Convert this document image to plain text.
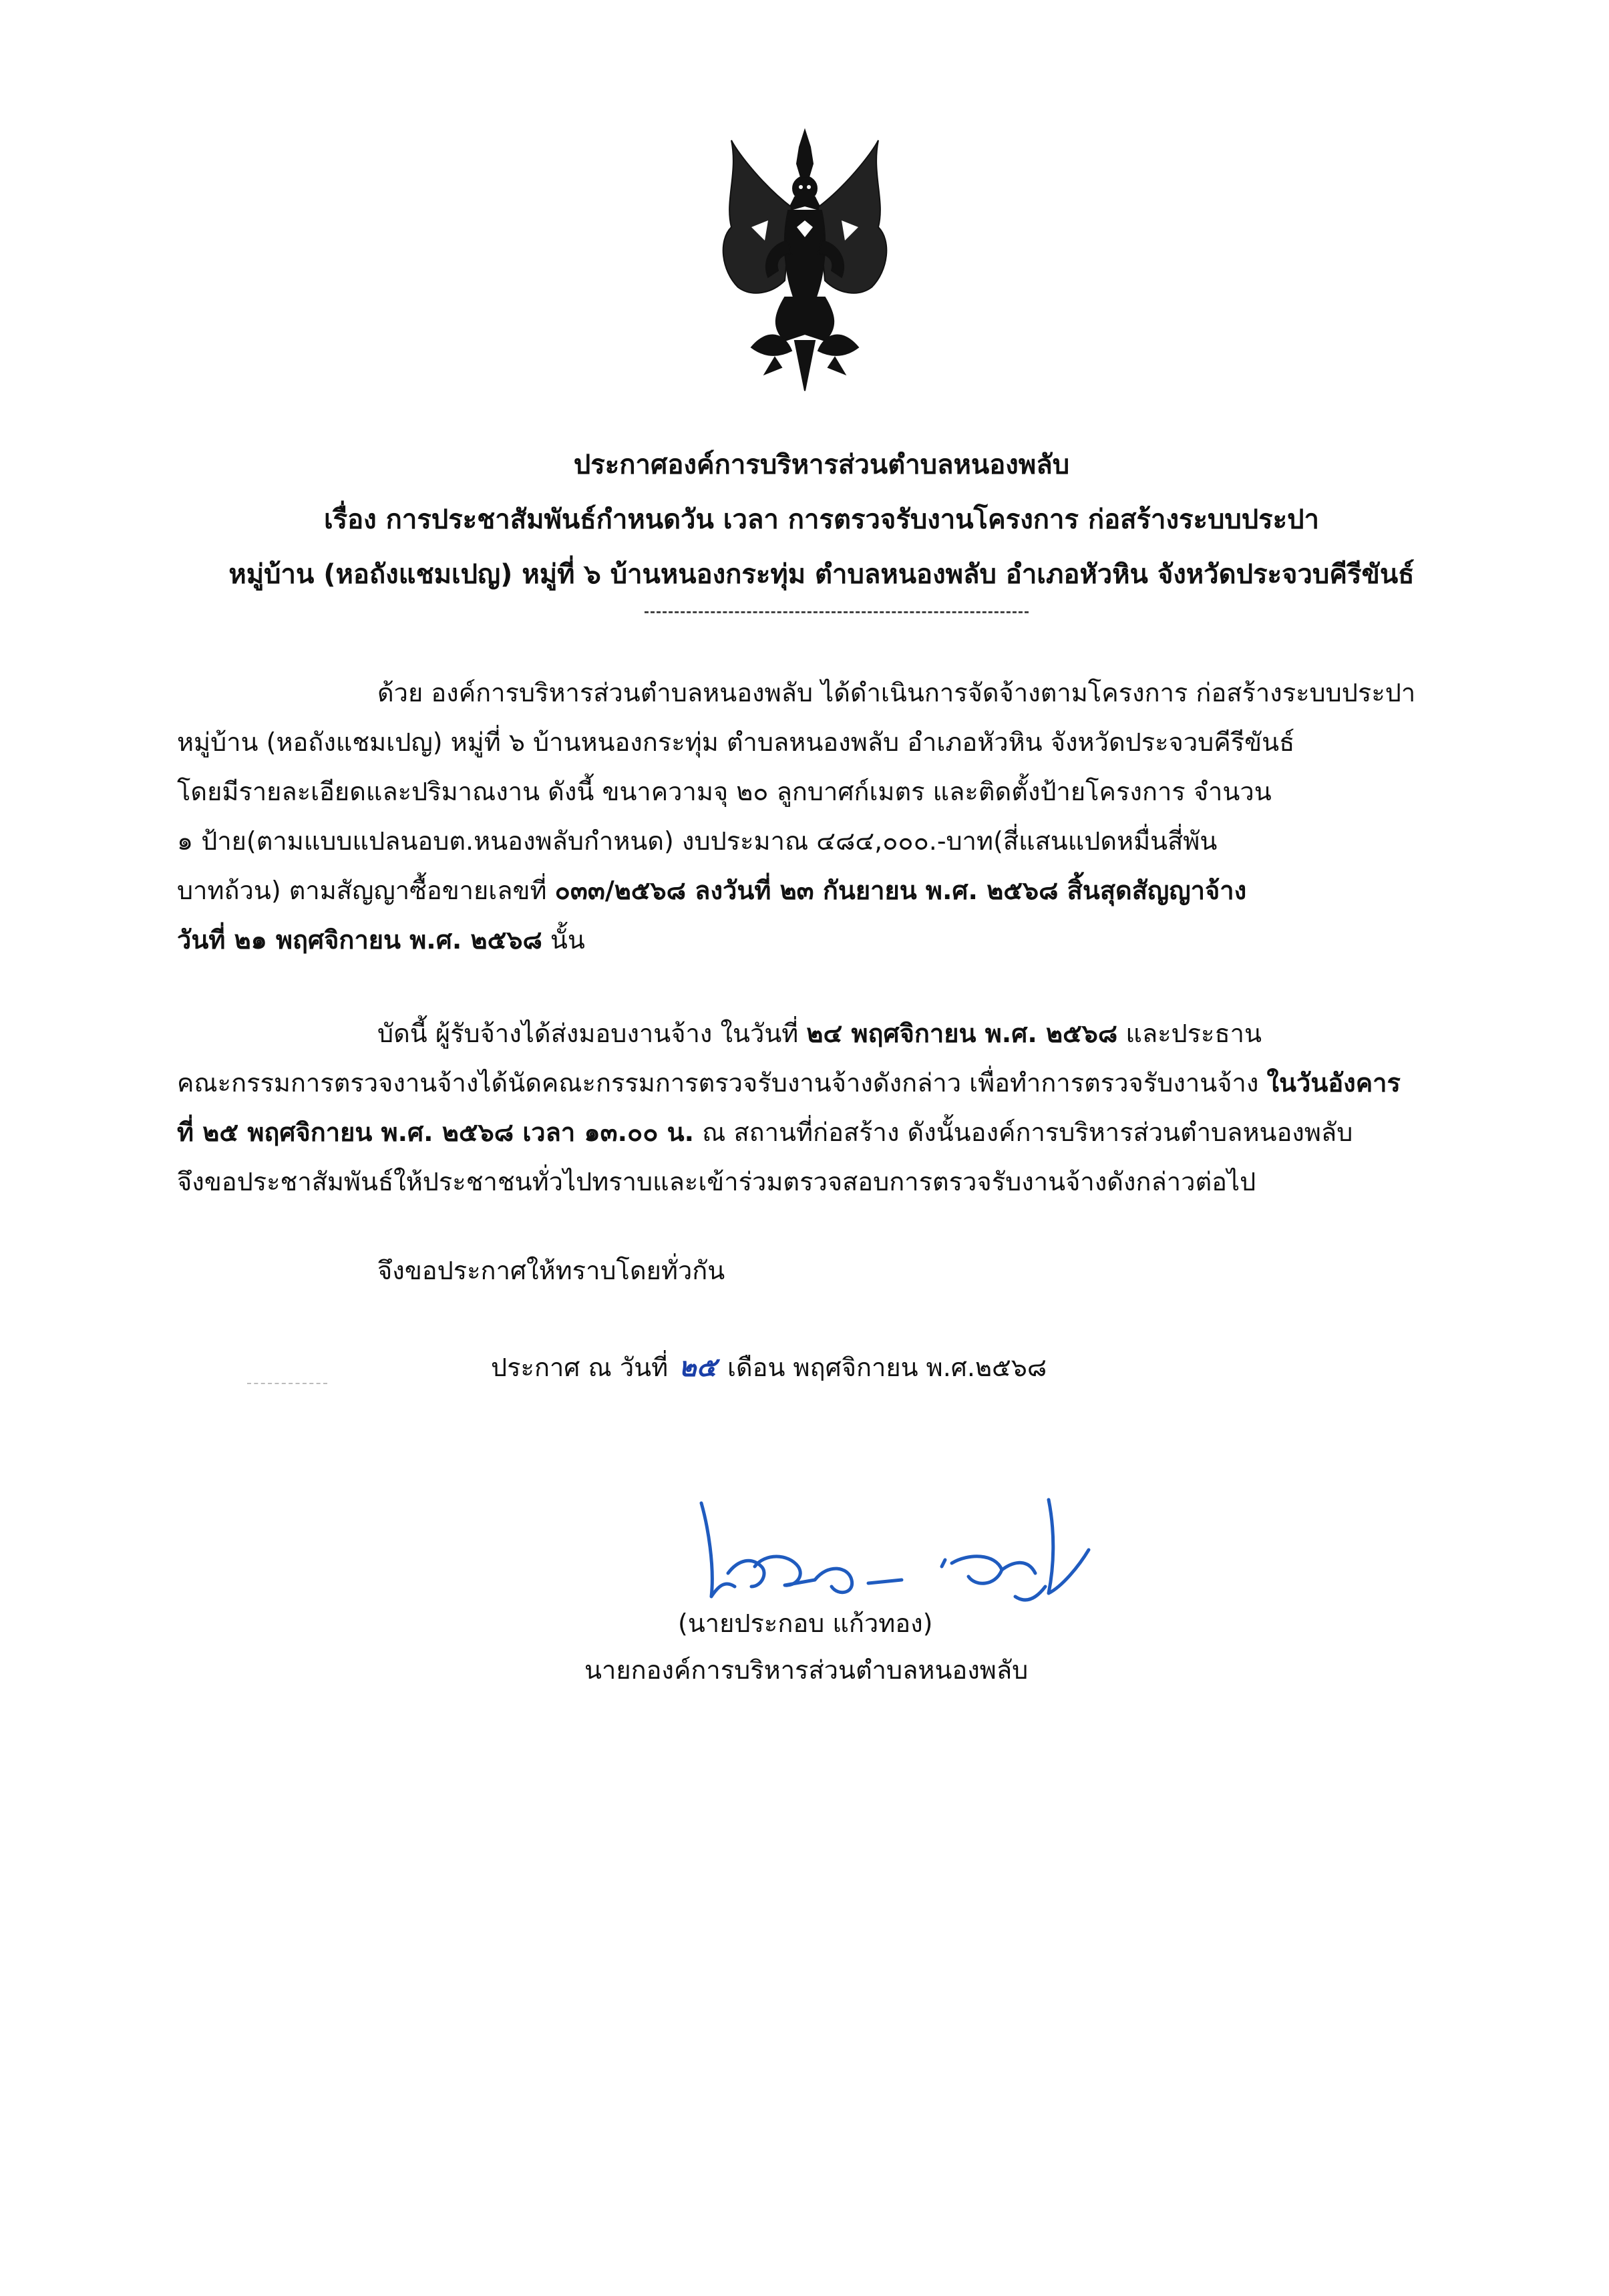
ประกาศองค์การบริหารส่วนตำบลหนองพลับ
เรื่อง การประชาสัมพันธ์กำหนดวัน เวลา การตรวจรับงานโครงการ ก่อสร้างระบบประปา
หมู่บ้าน (หอถังแชมเปญ) หมู่ที่ ๖ บ้านหนองกระทุ่ม ตำบลหนองพลับ อำเภอหัวหิน จังหวัดประจวบคีรีขันธ์
ด้วย องค์การบริหารส่วนตำบลหนองพลับ ได้ดำเนินการจัดจ้างตามโครงการ ก่อสร้างระบบประปา
หมู่บ้าน (หอถังแชมเปญ) หมู่ที่ ๖ บ้านหนองกระทุ่ม ตำบลหนองพลับ อำเภอหัวหิน จังหวัดประจวบคีรีขันธ์
โดยมีรายละเอียดและปริมาณงาน ดังนี้ ขนาความจุ ๒๐ ลูกบาศก์เมตร และติดตั้งป้ายโครงการ จำนวน
๑ ป้าย(ตามแบบแปลนอบต.หนองพลับกำหนด) งบประมาณ ๔๘๔,๐๐๐.-บาท(สี่แสนแปดหมื่นสี่พัน
บาทถ้วน) ตามสัญญาซื้อขายเลขที่ ๐๓๓/๒๕๖๘ ลงวันที่ ๒๓ กันยายน พ.ศ. ๒๕๖๘ สิ้นสุดสัญญาจ้าง
วันที่ ๒๑ พฤศจิกายน พ.ศ. ๒๕๖๘ นั้น
บัดนี้ ผู้รับจ้างได้ส่งมอบงานจ้าง ในวันที่ ๒๔ พฤศจิกายน พ.ศ. ๒๕๖๘ และประธาน
คณะกรรมการตรวจงานจ้างได้นัดคณะกรรมการตรวจรับงานจ้างดังกล่าว เพื่อทำการตรวจรับงานจ้าง ในวันอังคาร
ที่ ๒๕ พฤศจิกายน พ.ศ. ๒๕๖๘ เวลา ๑๓.๐๐ น. ณ สถานที่ก่อสร้าง ดังนั้นองค์การบริหารส่วนตำบลหนองพลับ
จึงขอประชาสัมพันธ์ให้ประชาชนทั่วไปทราบและเข้าร่วมตรวจสอบการตรวจรับงานจ้างดังกล่าวต่อไป
จึงขอประกาศให้ทราบโดยทั่วกัน
ประกาศ ณ วันที่ ๒๕ เดือน พฤศจิกายน พ.ศ.๒๕๖๘
(นายประกอบ แก้วทอง)
นายกองค์การบริหารส่วนตำบลหนองพลับ
